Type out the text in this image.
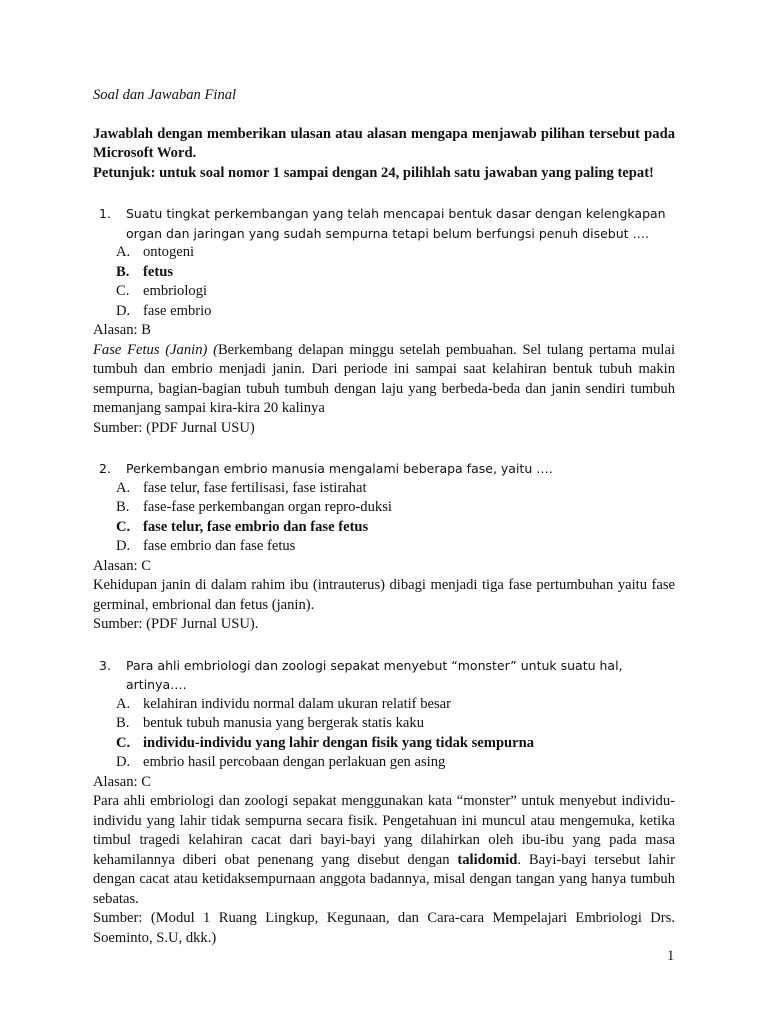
Soal dan Jawaban Final

Jawablah dengan memberikan ulasan atau alasan mengapa menjawab pilihan tersebut pada Microsoft Word.

Petunjuk: untuk soal nomor 1 sampai dengan 24, pilihlah satu jawaban yang paling tepat!

1.	Suatu tingkat perkembangan yang telah mencapai bentuk dasar dengan kelengkapan organ dan jaringan yang sudah sempurna tetapi belum berfungsi penuh disebut ….
A. ontogeni
B. fetus
C. embriologi
D. fase embrio

Alasan: B

Fase Fetus (Janin) (Berkembang delapan minggu setelah pembuahan. Sel tulang pertama mulai tumbuh dan embrio menjadi janin. Dari periode ini sampai saat kelahiran bentuk tubuh makin sempurna, bagian-bagian tubuh tumbuh dengan laju yang berbeda-beda dan janin sendiri tumbuh memanjang sampai kira-kira 20 kalinya

Sumber: (PDF Jurnal USU)

2.	Perkembangan embrio manusia mengalami beberapa fase, yaitu ….
A. fase telur, fase fertilisasi, fase istirahat
B. fase-fase perkembangan organ repro-duksi
C. fase telur, fase embrio dan fase fetus
D. fase embrio dan fase fetus

Alasan: C

Kehidupan janin di dalam rahim ibu (intrauterus) dibagi menjadi tiga fase pertumbuhan yaitu fase germinal, embrional dan fetus (janin).

Sumber: (PDF Jurnal USU).

3.	Para ahli embriologi dan zoologi sepakat menyebut “monster” untuk suatu hal, artinya….
A. kelahiran individu normal dalam ukuran relatif besar
B. bentuk tubuh manusia yang bergerak statis kaku
C. individu-individu yang lahir dengan fisik yang tidak sempurna
D. embrio hasil percobaan dengan perlakuan gen asing

Alasan: C

Para ahli embriologi dan zoologi sepakat menggunakan kata “monster” untuk menyebut individu-individu yang lahir tidak sempurna secara fisik. Pengetahuan ini muncul atau mengemuka, ketika timbul tragedi kelahiran cacat dari bayi-bayi yang dilahirkan oleh ibu-ibu yang pada masa kehamilannya diberi obat penenang yang disebut dengan talidomid. Bayi-bayi tersebut lahir dengan cacat atau ketidaksempurnaan anggota badannya, misal dengan tangan yang hanya tumbuh sebatas.

Sumber: (Modul 1 Ruang Lingkup, Kegunaan, dan Cara-cara Mempelajari Embriologi Drs. Soeminto, S.U, dkk.)

1
